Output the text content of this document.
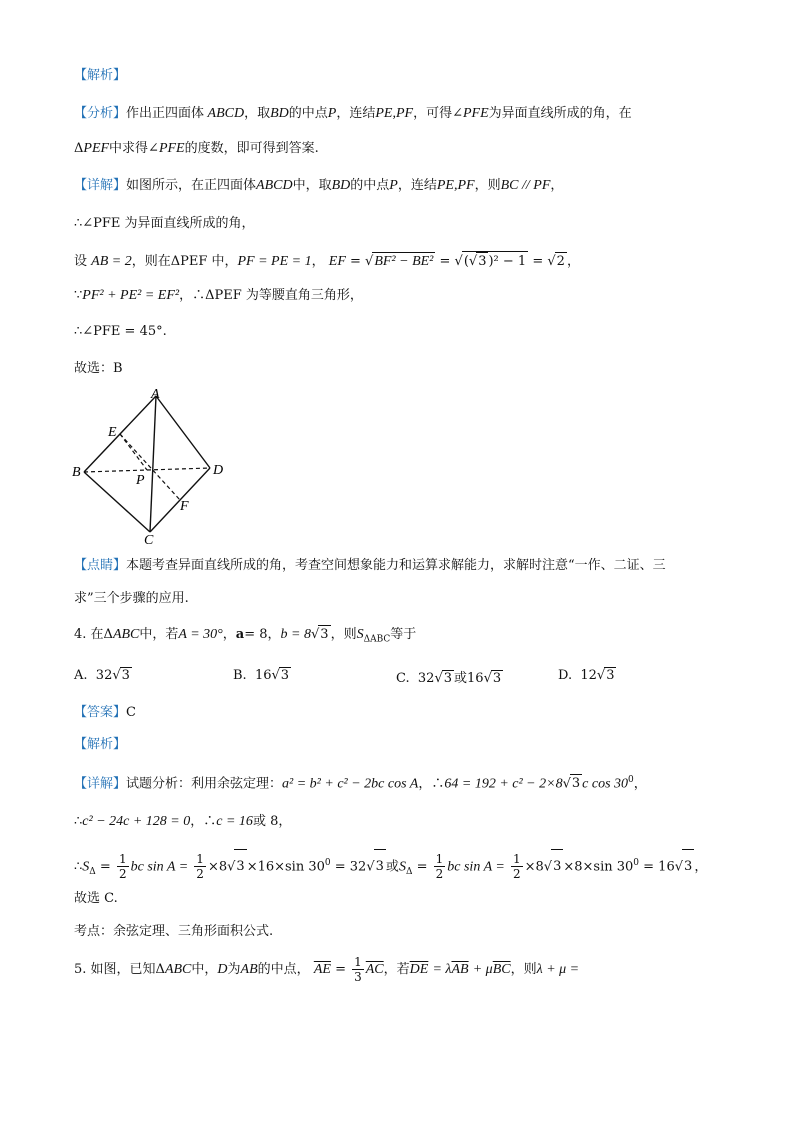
【解析】
【分析】作出正四面体 ABCD，取BD的中点P，连结PE,PF，可得∠PFE为异面直线所成的角，在
ΔPEF中求得∠PFE的度数，即可得到答案.
【详解】如图所示，在正四面体ABCD中，取BD的中点P，连结PE,PF，则BC // PF，
∴∠PFE 为异面直线所成的角，
设 AB = 2，则在ΔPEF 中，PF = PE = 1， EF = √BF² − BE² = √(√3 )² − 1 = √2 ，
∵PF² + PE² = EF²，∴ΔPEF 为等腰直角三角形，
∴∠PFE = 45°.
故选：B
A
B
C
D
E
F
P
【点睛】本题考查异面直线所成的角，考查空间想象能力和运算求解能力，求解时注意“一作、二证、三
求”三个步骤的应用.
4. 在ΔABC中，若A = 30°，a= 8，b = 8√3 ，则$S_{\Delta ABC}$等于
A. 32√3	B. 16√3	C. 32√3 或16√3	D. 12√3
【答案】C
【解析】
【详解】试题分析：利用余弦定理：a² = b² + c² − 2bc cos A，∴64 = 192 + c² − 2×8√3 c $\cos 30^0$，
∴c² − 24c + 128 = 0，∴c = 16或 8，
$\therefore S_\Delta = \frac{1}{2}$ bc $\sin A = \frac{1}{2} \times 8√3 \times 16\times\sin$ $30^0 = 32√3$ 或$S_\Delta = \frac{1}{2}$ bc $\sin A = \frac{1}{2} \times 8√3 \times 8\times\sin$ $30^0 = 16√3$ ，
故选 C.
考点：余弦定理、三角形面积公式.
5. 如图，已知ΔABC中，D为AB的中点， $\overline{AE} = \frac{1}{3} \overline{AC}$，若$\overline{DE} = \lambda\overline{AB} + \mu\overline{BC}$，则λ + μ =
